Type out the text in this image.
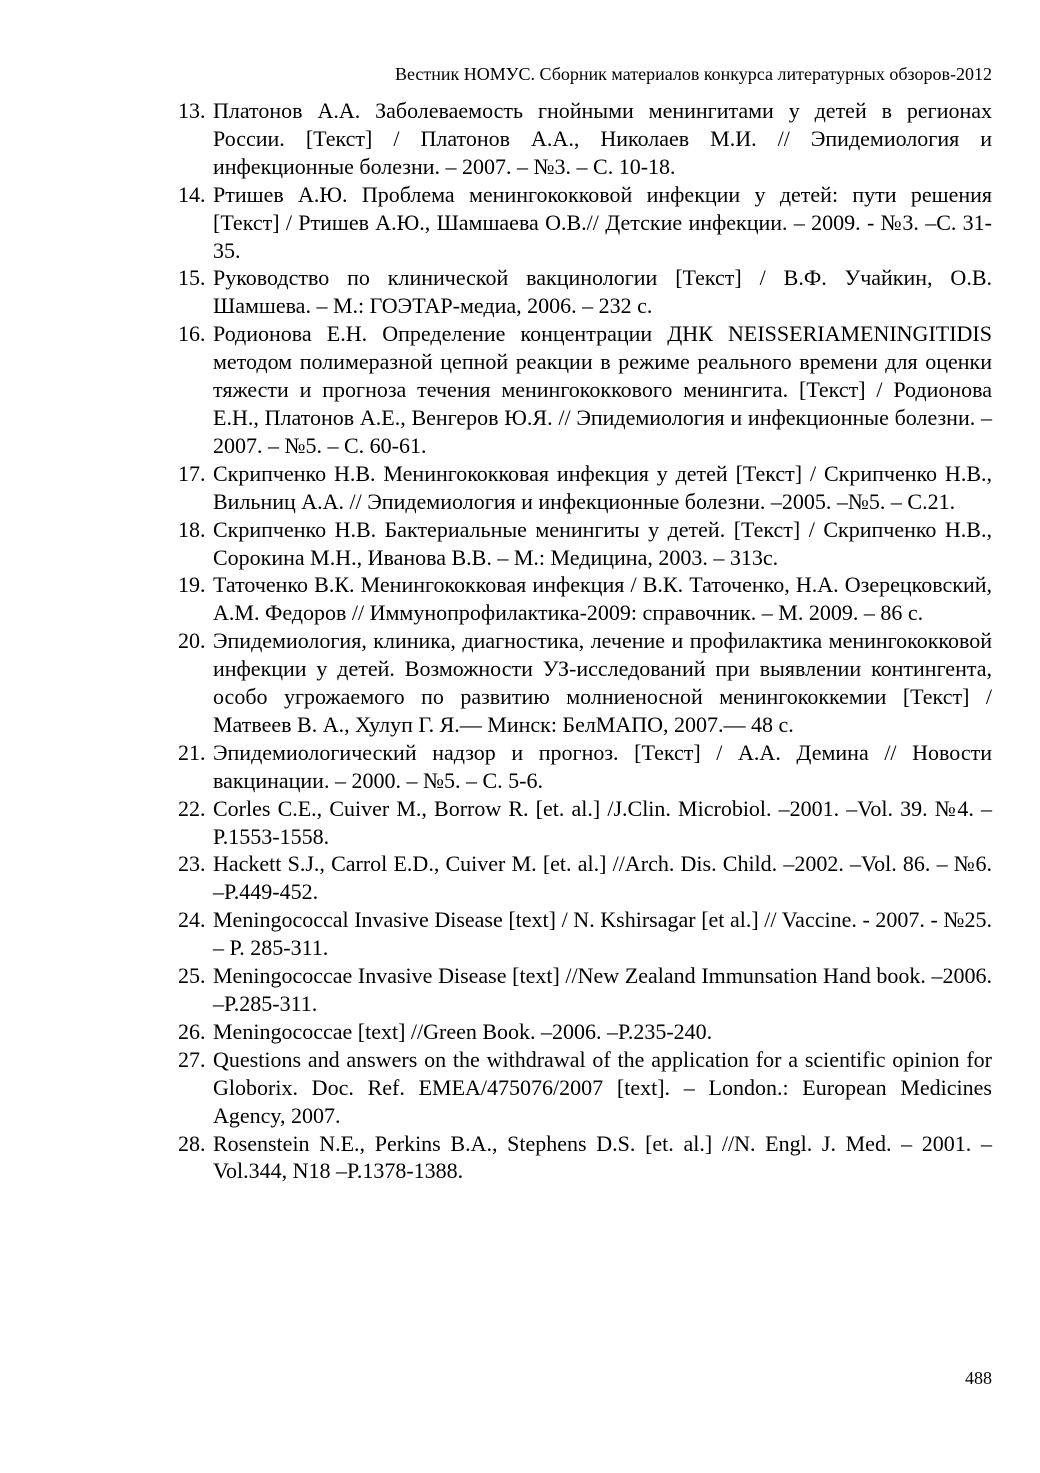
Вестник НОМУС. Сборник материалов конкурса литературных обзоров-2012
13. Платонов А.А. Заболеваемость гнойными менингитами у детей в регионах России. [Текст] / Платонов А.А., Николаев М.И. // Эпидемиология и инфекционные болезни. – 2007. – №3. – С. 10-18.
14. Ртишев А.Ю. Проблема менингококковой инфекции у детей: пути решения [Текст] / Ртишев А.Ю., Шамшаева О.В.// Детские инфекции. – 2009. - №3. –С. 31-35.
15. Руководство по клинической вакцинологии [Текст] / В.Ф. Учайкин, О.В. Шамшева. – М.: ГОЭТАР-медиа, 2006. – 232 с.
16. Родионова Е.Н. Определение концентрации ДНК NEISSERIAMENINGITIDIS методом полимеразной цепной реакции в режиме реального времени для оценки тяжести и прогноза течения менингококкового менингита. [Текст] / Родионова Е.Н., Платонов А.Е., Венгеров Ю.Я. // Эпидемиология и инфекционные болезни. – 2007. – №5. – С. 60-61.
17. Скрипченко Н.В. Менингококковая инфекция у детей [Текст] / Скрипченко Н.В., Вильниц А.А. // Эпидемиология и инфекционные болезни. –2005. –№5. – С.21.
18. Скрипченко Н.В. Бактериальные менингиты у детей. [Текст] / Скрипченко Н.В., Сорокина М.Н., Иванова В.В. – М.: Медицина, 2003. – 313с.
19. Таточенко В.К. Менингококковая инфекция / В.К. Таточенко, Н.А. Озерецковский, А.М. Федоров // Иммунопрофилактика-2009: справочник. – М. 2009. – 86 с.
20. Эпидемиология, клиника, диагностика, лечение и профилактика менингококковой инфекции у детей. Возможности УЗ-исследований при выявлении контингента, особо угрожаемого по развитию молниеносной менингококкемии [Текст] / Матвеев В. А., Хулуп Г. Я.— Минск: БелМАПО, 2007.— 48 с.
21. Эпидемиологический надзор и прогноз. [Текст] / А.А. Демина // Новости вакцинации. – 2000. – №5. – С. 5-6.
22. Corles C.E., Cuiver M., Borrow R. [et. al.] /J.Clin. Microbiol. –2001. –Vol. 39. №4. –P.1553-1558.
23. Hackett S.J., Carrol E.D., Cuiver M. [et. al.] //Arch. Dis. Child. –2002. –Vol. 86. – №6. –P.449-452.
24. Meningococcal Invasive Disease [text] / N. Kshirsagar [et al.] // Vaccine. - 2007. - №25. – P. 285-311.
25. Meningococcae Invasive Disease [text] //New Zealand Immunsation Hand book. –2006. –P.285-311.
26. Meningococcae [text] //Green Book. –2006. –P.235-240.
27. Questions and answers on the withdrawal of the application for a scientific opinion for Globorix. Doc. Ref. EMEA/475076/2007 [text]. – London.: European Medicines Agency, 2007.
28. Rosenstein N.E., Perkins B.A., Stephens D.S. [et. al.] //N. Engl. J. Med. – 2001. –Vol.344, N18 –P.1378-1388.
488
